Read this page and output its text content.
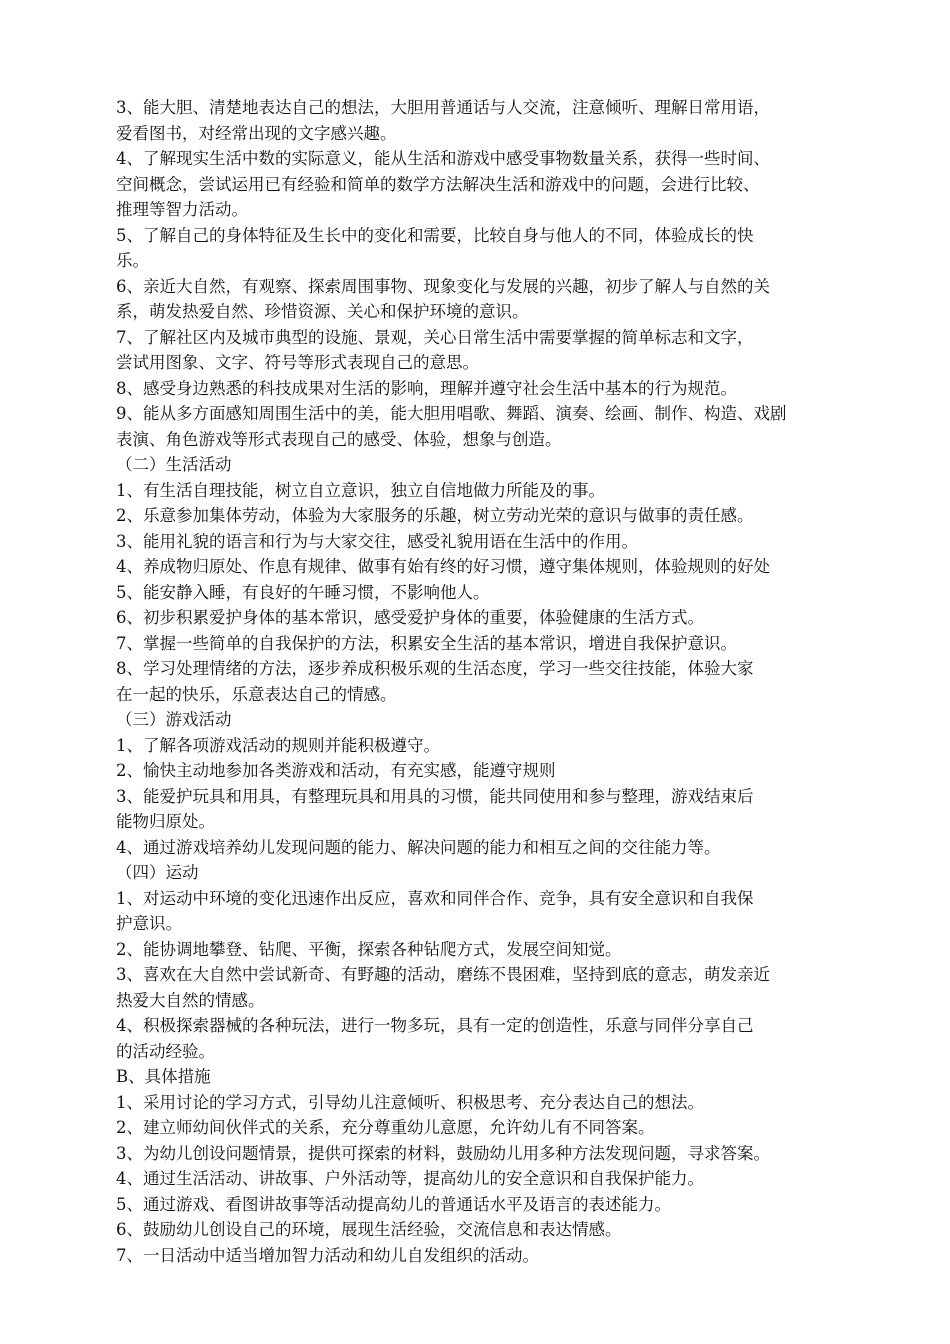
3、能大胆、清楚地表达自己的想法，大胆用普通话与人交流，注意倾听、理解日常用语，
爱看图书，对经常出现的文字感兴趣。
4、了解现实生活中数的实际意义，能从生活和游戏中感受事物数量关系，获得一些时间、
空间概念，尝试运用已有经验和简单的数学方法解决生活和游戏中的问题，会进行比较、
推理等智力活动。
5、了解自己的身体特征及生长中的变化和需要，比较自身与他人的不同，体验成长的快
乐。
6、亲近大自然，有观察、探索周围事物、现象变化与发展的兴趣，初步了解人与自然的关
系，萌发热爱自然、珍惜资源、关心和保护环境的意识。
7、了解社区内及城市典型的设施、景观，关心日常生活中需要掌握的简单标志和文字，
尝试用图象、文字、符号等形式表现自己的意思。
8、感受身边熟悉的科技成果对生活的影响，理解并遵守社会生活中基本的行为规范。
9、能从多方面感知周围生活中的美，能大胆用唱歌、舞蹈、演奏、绘画、制作、构造、戏剧
表演、角色游戏等形式表现自己的感受、体验，想象与创造。
（二）生活活动
1、有生活自理技能，树立自立意识，独立自信地做力所能及的事。
2、乐意参加集体劳动，体验为大家服务的乐趣，树立劳动光荣的意识与做事的责任感。
3、能用礼貌的语言和行为与大家交往，感受礼貌用语在生活中的作用。
4、养成物归原处、作息有规律、做事有始有终的好习惯，遵守集体规则，体验规则的好处
5、能安静入睡，有良好的午睡习惯，不影响他人。
6、初步积累爱护身体的基本常识，感受爱护身体的重要，体验健康的生活方式。
7、掌握一些简单的自我保护的方法，积累安全生活的基本常识，增进自我保护意识。
8、学习处理情绪的方法，逐步养成积极乐观的生活态度，学习一些交往技能，体验大家
在一起的快乐，乐意表达自己的情感。
（三）游戏活动
1、了解各项游戏活动的规则并能积极遵守。
2、愉快主动地参加各类游戏和活动，有充实感，能遵守规则
3、能爱护玩具和用具，有整理玩具和用具的习惯，能共同使用和参与整理，游戏结束后
能物归原处。
4、通过游戏培养幼儿发现问题的能力、解决问题的能力和相互之间的交往能力等。
（四）运动
1、对运动中环境的变化迅速作出反应，喜欢和同伴合作、竞争，具有安全意识和自我保
护意识。
2、能协调地攀登、钻爬、平衡，探索各种钻爬方式，发展空间知觉。
3、喜欢在大自然中尝试新奇、有野趣的活动，磨练不畏困难，坚持到底的意志，萌发亲近
热爱大自然的情感。
4、积极探索器械的各种玩法，进行一物多玩，具有一定的创造性，乐意与同伴分享自己
的活动经验。
B、具体措施
1、采用讨论的学习方式，引导幼儿注意倾听、积极思考、充分表达自己的想法。
2、建立师幼间伙伴式的关系，充分尊重幼儿意愿，允许幼儿有不同答案。
3、为幼儿创设问题情景，提供可探索的材料，鼓励幼儿用多种方法发现问题，寻求答案。
4、通过生活活动、讲故事、户外活动等，提高幼儿的安全意识和自我保护能力。
5、通过游戏、看图讲故事等活动提高幼儿的普通话水平及语言的表述能力。
6、鼓励幼儿创设自己的环境，展现生活经验，交流信息和表达情感。
7、一日活动中适当增加智力活动和幼儿自发组织的活动。
